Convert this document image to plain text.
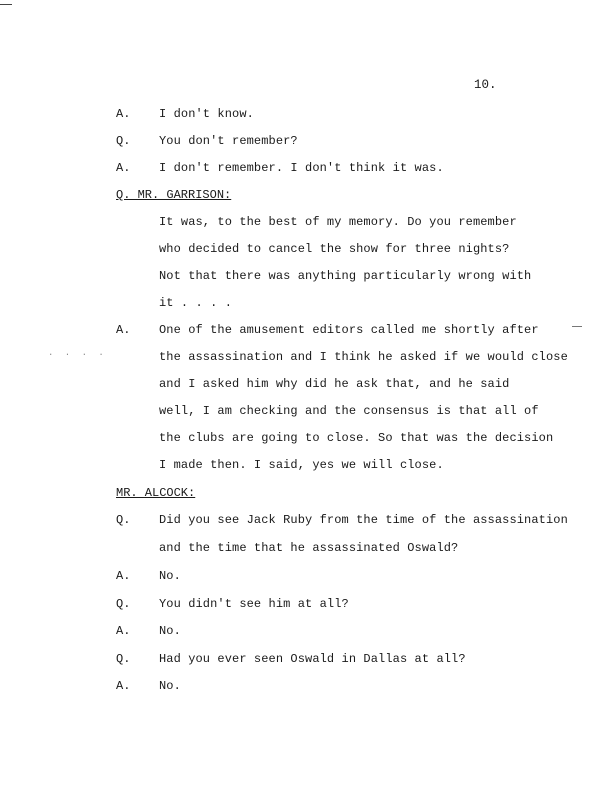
10.
A. I don't know.
Q. You don't remember?
A. I don't remember. I don't think it was.
Q. MR. GARRISON:
It was, to the best of my memory. Do you remember
who decided to cancel the show for three nights?
Not that there was anything particularly wrong with
it . . . .
A. One of the amusement editors called me shortly after
· · · ·	the assassination and I think he asked if we would close
and I asked him why did he ask that, and he said
well, I am checking and the consensus is that all of
the clubs are going to close. So that was the decision
I made then. I said, yes we will close.
MR. ALCOCK:
Q. Did you see Jack Ruby from the time of the assassination
and the time that he assassinated Oswald?
A. No.
Q. You didn't see him at all?
A. No.
Q. Had you ever seen Oswald in Dallas at all?
A. No.
